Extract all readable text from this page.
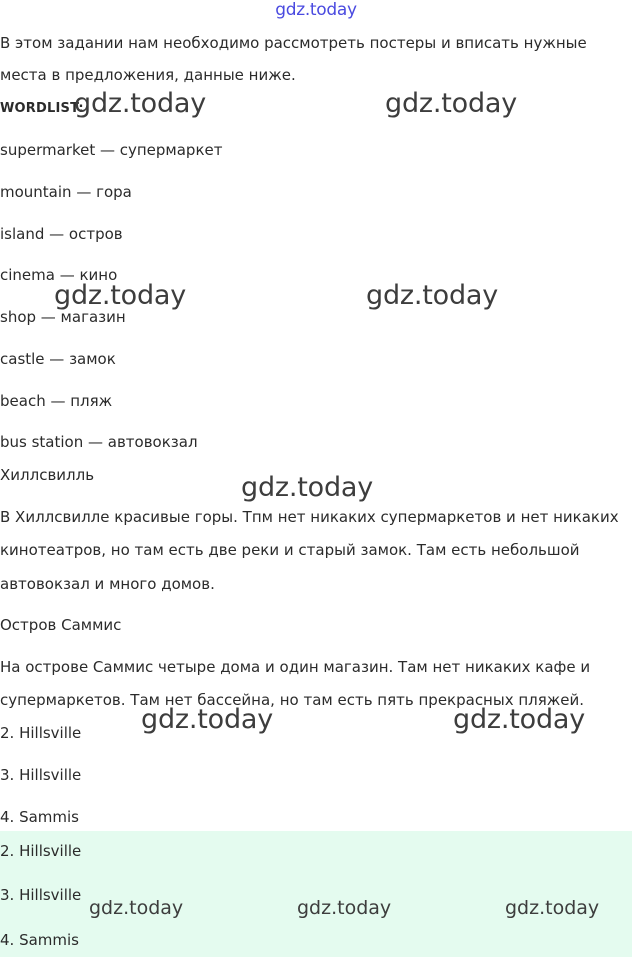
gdz.today
В этом задании нам необходимо рассмотреть постеры и вписать нужные
места в предложения, данные ниже.
WORDLIST:
supermarket — супермаркет
mountain — гора
island — остров
cinema — кино
shop — магазин
castle — замок
beach — пляж
bus station — автовокзал
Хиллсвилль
В Хиллсвилле красивые горы. Тпм нет никаких супермаркетов и нет никаких
кинотеатров, но там есть две реки и старый замок. Там есть небольшой
автовокзал и много домов.
Остров Саммис
На острове Саммис четыре дома и один магазин. Там нет никаких кафе и
супермаркетов. Там нет бассейна, но там есть пять прекрасных пляжей.
2. Hillsville
3. Hillsville
4. Sammis
2. Hillsville
3. Hillsville
4. Sammis
gdz.today	gdz.today
gdz.today	gdz.today
gdz.today
gdz.today	gdz.today
gdz.today	gdz.today	gdz.today
